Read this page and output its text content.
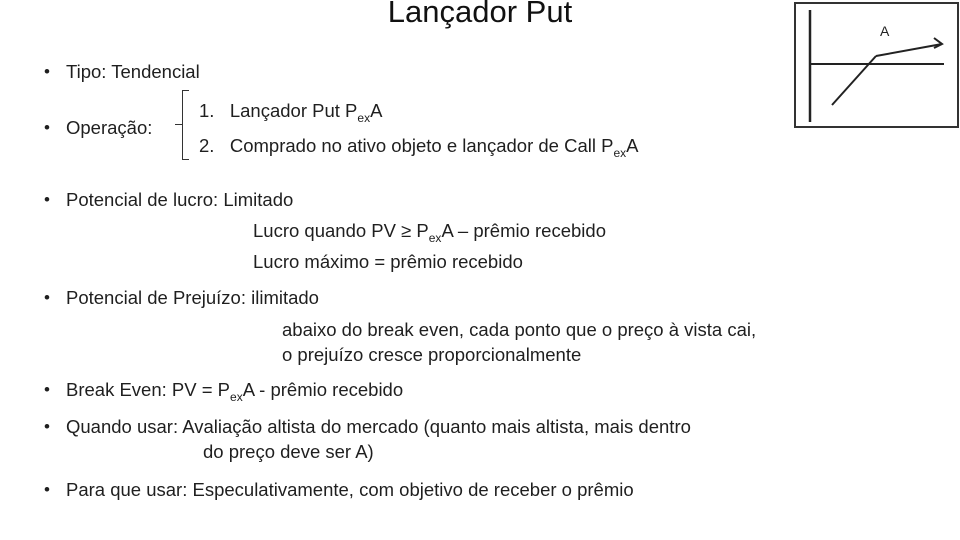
Lançador Put
A
• Tipo: Tendencial
• Operação:
1. Lançador Put $P_{ex}A$
2. Comprado no ativo objeto e lançador de Call $P_{ex}A$
• Potencial de lucro: Limitado
Lucro quando PV ≥ $P_{ex}A$ – prêmio recebido
Lucro máximo = prêmio recebido
• Potencial de Prejuízo: ilimitado
abaixo do break even, cada ponto que o preço à vista cai,
o prejuízo cresce proporcionalmente
• Break Even: PV = $P_{ex}A$ - prêmio recebido
• Quando usar: Avaliação altista do mercado (quanto mais altista, mais dentro
do preço deve ser A)
• Para que usar: Especulativamente, com objetivo de receber o prêmio
